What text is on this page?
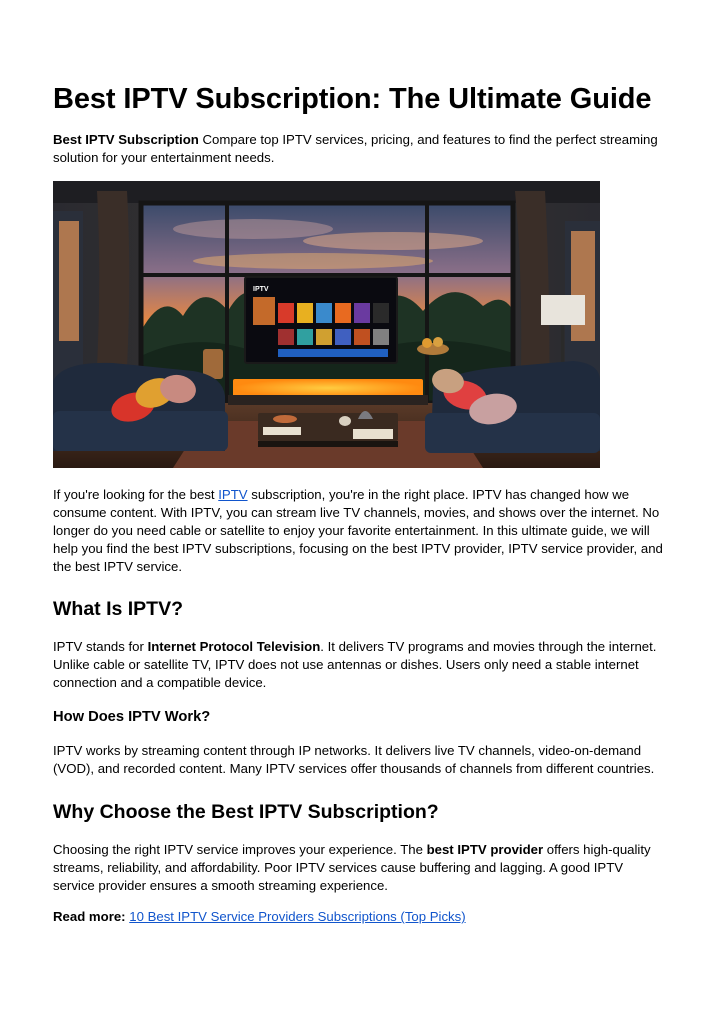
Best IPTV Subscription: The Ultimate Guide

Best IPTV Subscription Compare top IPTV services, pricing, and features to find the perfect streaming solution for your entertainment needs.

If you're looking for the best IPTV subscription, you're in the right place. IPTV has changed how we consume content. With IPTV, you can stream live TV channels, movies, and shows over the internet. No longer do you need cable or satellite to enjoy your favorite entertainment. In this ultimate guide, we will help you find the best IPTV subscriptions, focusing on the best IPTV provider, IPTV service provider, and the best IPTV service.

What Is IPTV?

IPTV stands for Internet Protocol Television. It delivers TV programs and movies through the internet. Unlike cable or satellite TV, IPTV does not use antennas or dishes. Users only need a stable internet connection and a compatible device.

How Does IPTV Work?

IPTV works by streaming content through IP networks. It delivers live TV channels, video-on-demand (VOD), and recorded content. Many IPTV services offer thousands of channels from different countries.

Why Choose the Best IPTV Subscription?

Choosing the right IPTV service improves your experience. The best IPTV provider offers high-quality streams, reliability, and affordability. Poor IPTV services cause buffering and lagging. A good IPTV service provider ensures a smooth streaming experience.

Read more: 10 Best IPTV Service Providers Subscriptions (Top Picks)

IPTV
